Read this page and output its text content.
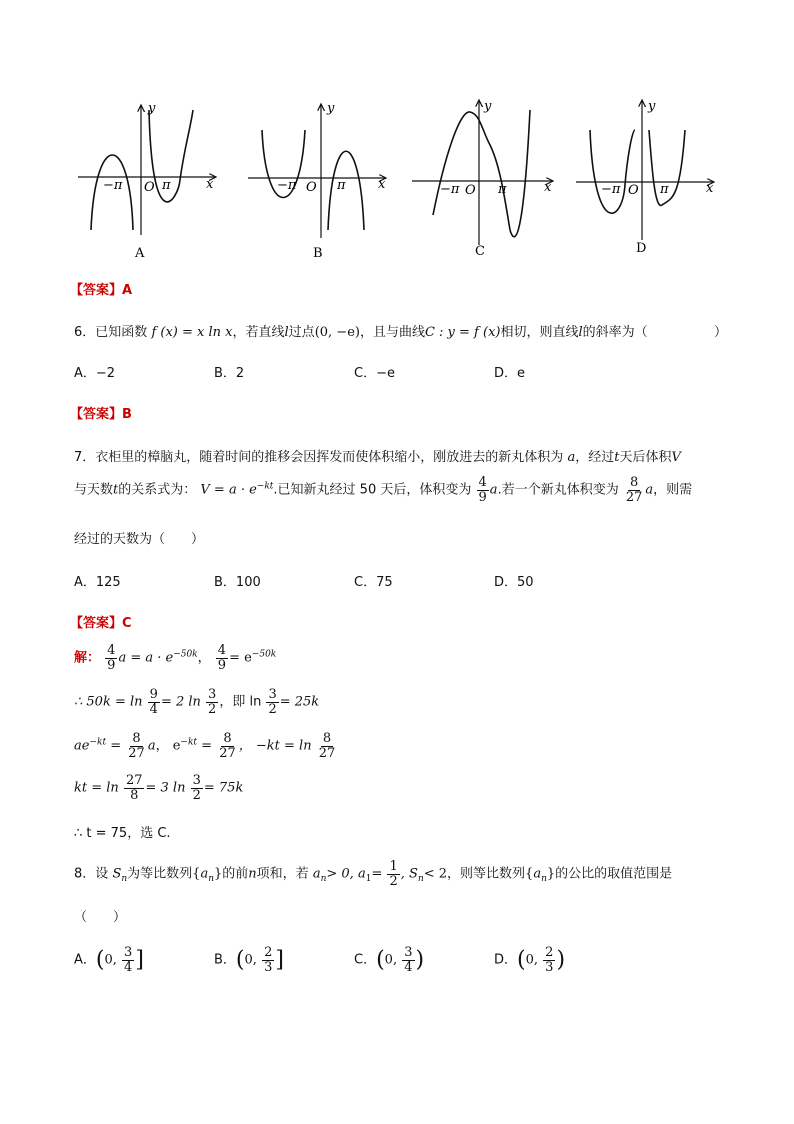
y
x
O
−π	π
A
y
x
O
−π	π
B
y
x
O
−π	π
C
y
x
O
−π	π
D
【答案】A
6．已知函数 f (x) = x ln x，若直线l过点(0, −e)，且与曲线C : y = f (x)相切，则直线l的斜率为（	）
A．−2	B．2	C．−e	D．e
【答案】B
7．衣柜里的樟脑丸，随着时间的推移会因挥发而使体积缩小，刚放进去的新丸体积为 a，经过t天后体积V
与天数t的关系式为： $V = a \cdot e^{-kt}$.已知新丸经过 50 天后，体积变为 $\frac{4}{9} a$.若一个新丸体积变为 $\frac{8}{27}$ a，则需
经过的天数为（　　）
A．125	B．100	C．75	D．50
【答案】C
解： $\frac{4}{9}$ $a = a \cdot e^{-50k}$， $\frac{4}{9} = e^{-50k}$
∴ $50k = \ln \frac{9}{4} = 2$ $\ln \frac{3}{2}$ ，即 $\ln \frac{3}{2} = 25k$
$ae^{-kt} = \frac{8}{27}$ a， $e^{-kt} = \frac{8}{27}$ ， $-kt = \ln \frac{8}{27}$
kt = $\ln \frac{27}{8} = 3$ $\ln \frac{3}{2} = 75k$
∴ t = 75，选 C.
8．设 $S_n$为等比数列$\{a_n\}$的前n项和，若 $a_n> 0$, $a_1= \frac{1}{2}$ , $S_n< 2$，则等比数列$\{a_n\}$的公比的取值范围是
（　　）
A．(0, $\frac{3}{4}$ ]	B．(0, $\frac{2}{3}$ ]	C．(0, $\frac{3}{4}$ )	D．(0, $\frac{2}{3}$ )
